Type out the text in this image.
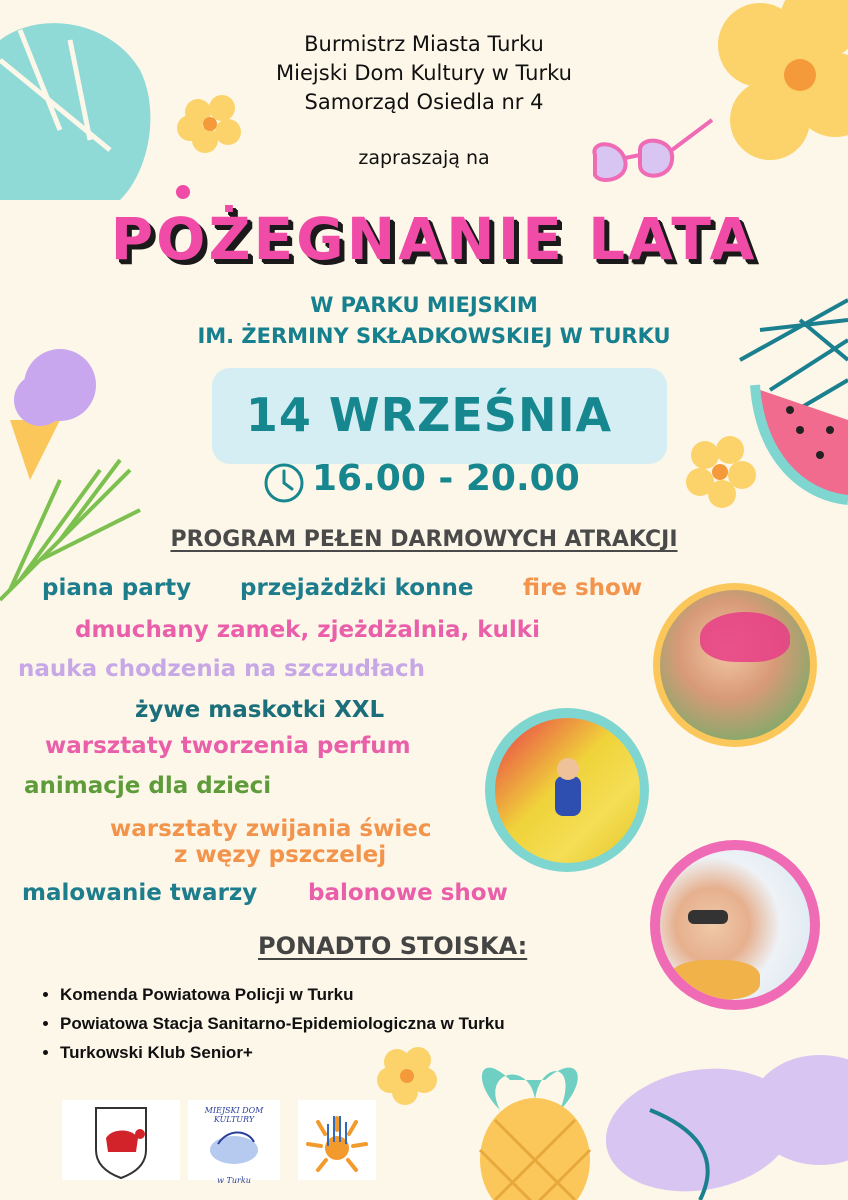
Burmistrz Miasta Turku
Miejski Dom Kultury w Turku
Samorząd Osiedla nr 4
zapraszają na
POŻEGNANIE LATA
W PARKU MIEJSKIM
IM. ŻERMINY SKŁADKOWSKIEJ W TURKU
14 WRZEŚNIA
16.00 - 20.00
PROGRAM PEŁEN DARMOWYCH ATRAKCJI
piana party przejażdżki konne fire show
dmuchany zamek, zjeżdżalnia, kulki
nauka chodzenia na szczudłach
żywe maskotki XXL
warsztaty tworzenia perfum
animacje dla dzieci
warsztaty zwijania świec
z węzy pszczelej
malowanie twarzy balonowe show
PONADTO STOISKA:
• Komenda Powiatowa Policji w Turku
• Powiatowa Stacja Sanitarno-Epidemiologiczna w Turku
• Turkowski Klub Senior+
MIEJSKI DOM KULTURY
w Turku
